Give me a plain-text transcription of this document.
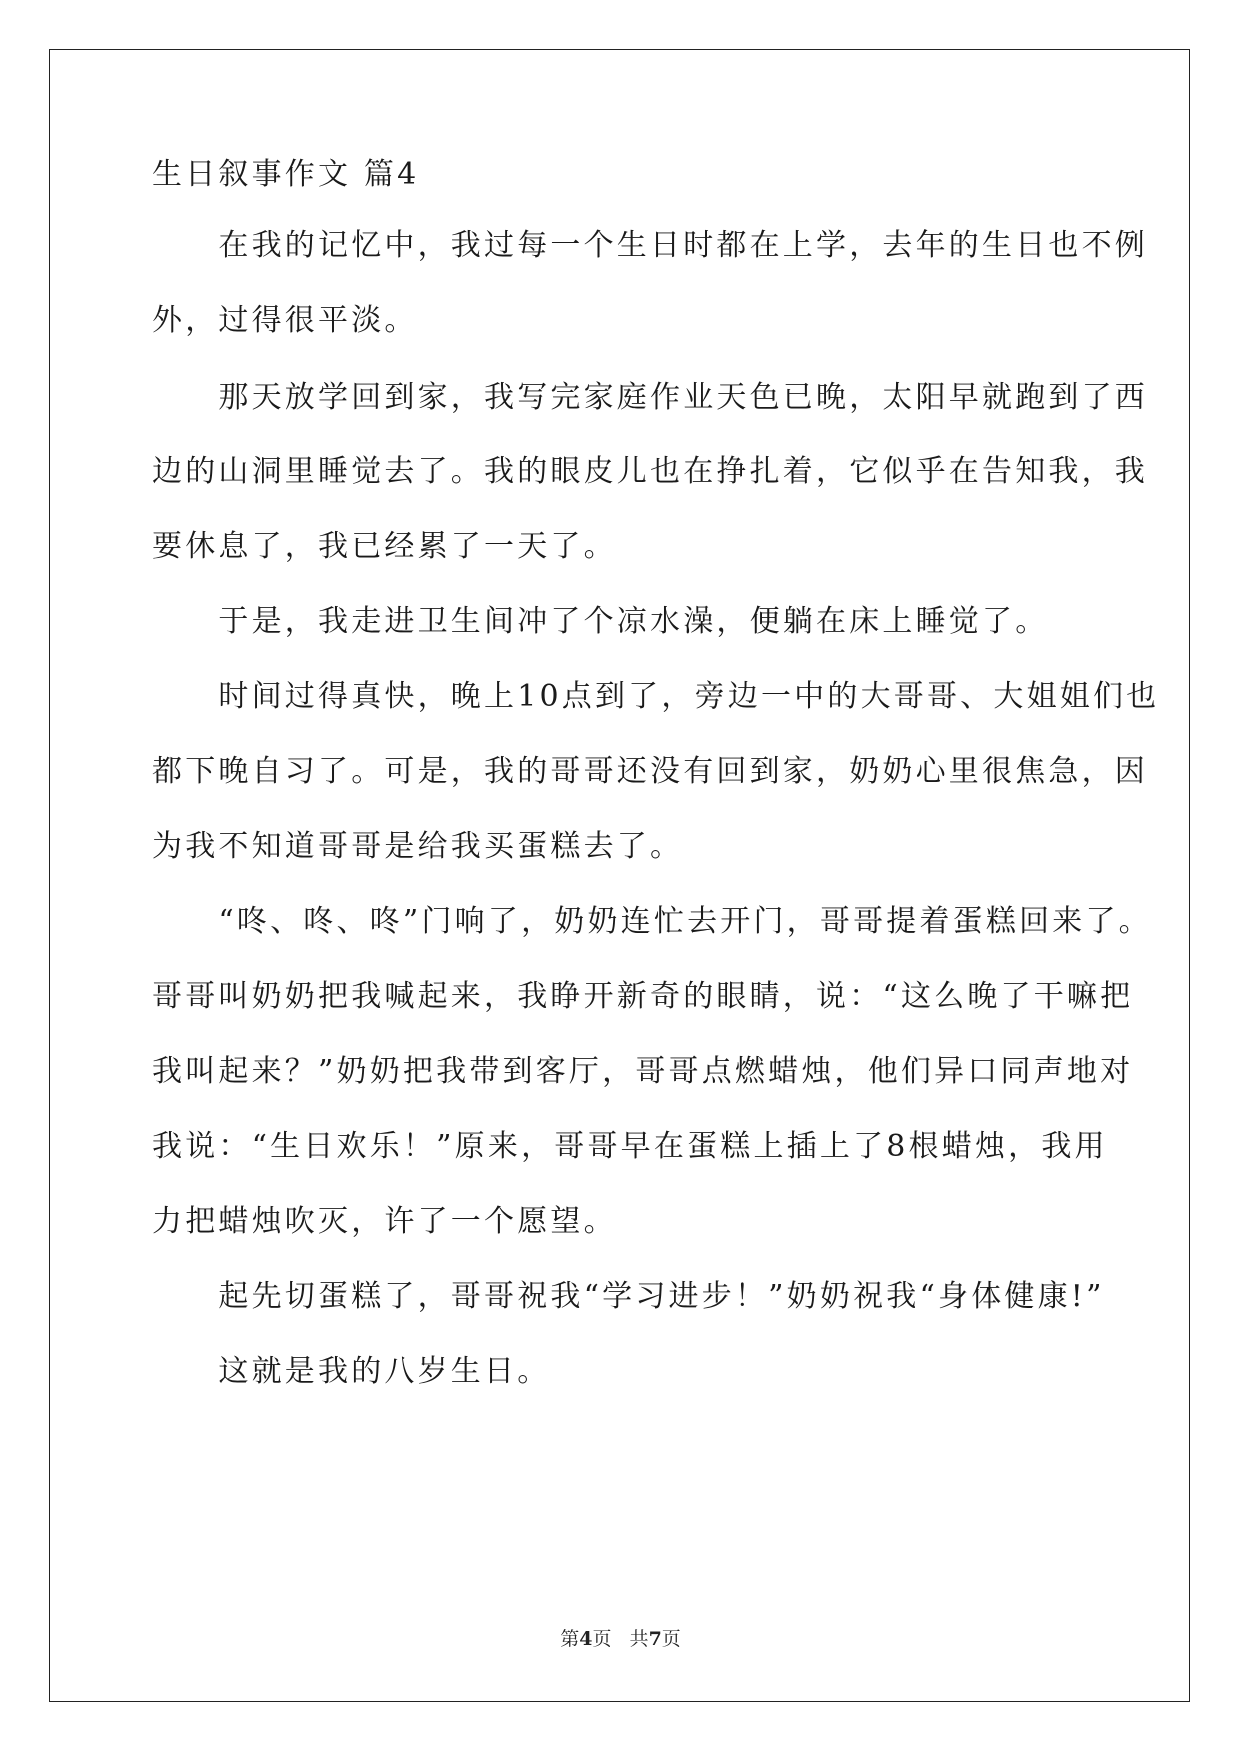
生日叙事作文 篇4
　　在我的记忆中，我过每一个生日时都在上学，去年的生日也不例
外，过得很平淡。
　　那天放学回到家，我写完家庭作业天色已晚，太阳早就跑到了西
边的山洞里睡觉去了。我的眼皮儿也在挣扎着，它似乎在告知我，我
要休息了，我已经累了一天了。
　　于是，我走进卫生间冲了个凉水澡，便躺在床上睡觉了。
　　时间过得真快，晚上10点到了，旁边一中的大哥哥、大姐姐们也
都下晚自习了。可是，我的哥哥还没有回到家，奶奶心里很焦急，因
为我不知道哥哥是给我买蛋糕去了。
　　“咚、咚、咚”门响了，奶奶连忙去开门，哥哥提着蛋糕回来了。
哥哥叫奶奶把我喊起来，我睁开新奇的眼睛，说：“这么晚了干嘛把
我叫起来？”奶奶把我带到客厅，哥哥点燃蜡烛，他们异口同声地对
我说：“生日欢乐！”原来，哥哥早在蛋糕上插上了8根蜡烛，我用
力把蜡烛吹灭，许了一个愿望。
　　起先切蛋糕了，哥哥祝我“学习进步！”奶奶祝我“身体健康!”
　　这就是我的八岁生日。
第4页   共7页
